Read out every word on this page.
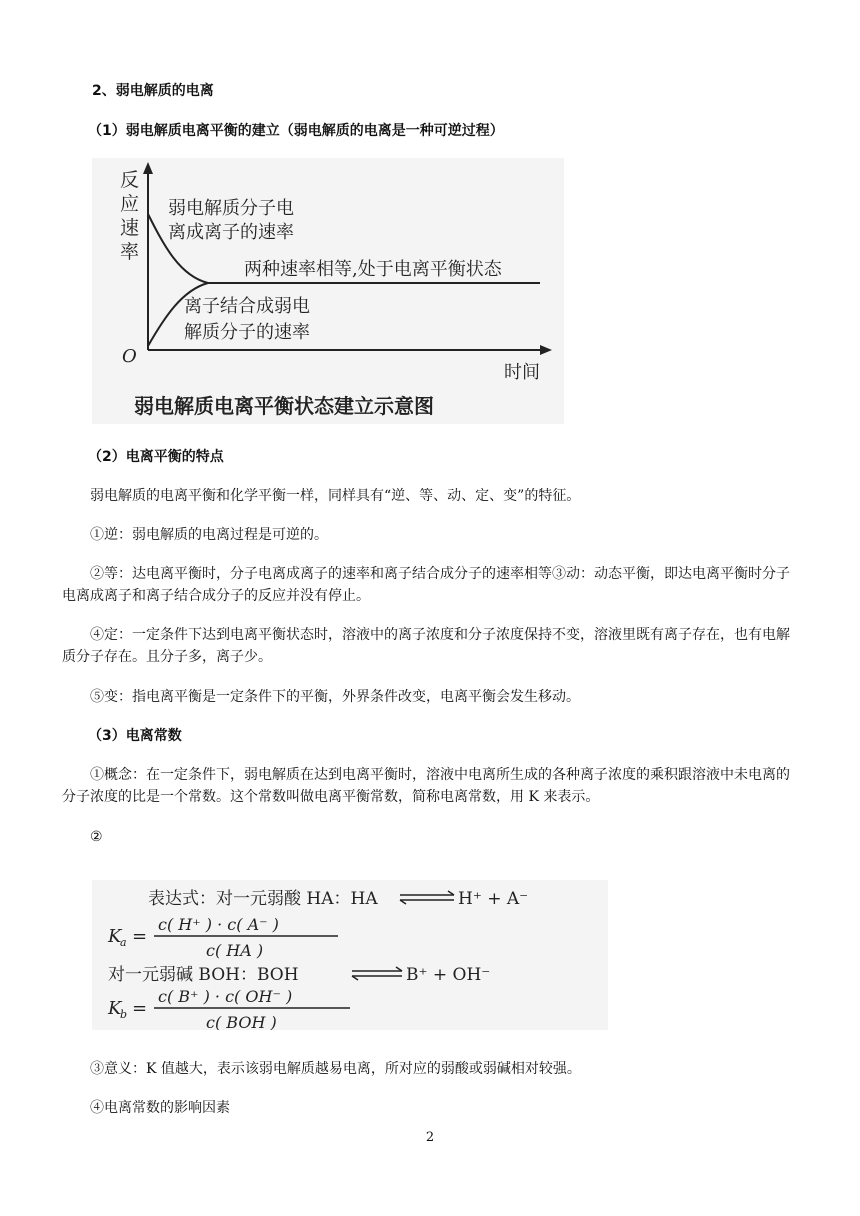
2、弱电解质的电离
（1）弱电解质电离平衡的建立（弱电解质的电离是一种可逆过程）
反
应
速
率
O
时间
弱电解质分子电
离成离子的速率
两种速率相等,处于电离平衡状态
离子结合成弱电
解质分子的速率
弱电解质电离平衡状态建立示意图
（2）电离平衡的特点
弱电解质的电离平衡和化学平衡一样，同样具有“逆、等、动、定、变”的特征。
①逆：弱电解质的电离过程是可逆的。
②等：达电离平衡时，分子电离成离子的速率和离子结合成分子的速率相等③动：动态平衡，即达电离平衡时分子电离成离子和离子结合成分子的反应并没有停止。
④定：一定条件下达到电离平衡状态时，溶液中的离子浓度和分子浓度保持不变，溶液里既有离子存在，也有电解质分子存在。且分子多，离子少。
⑤变：指电离平衡是一定条件下的平衡，外界条件改变，电离平衡会发生移动。
（3）电离常数
①概念：在一定条件下，弱电解质在达到电离平衡时，溶液中电离所生成的各种离子浓度的乘积跟溶液中未电离的分子浓度的比是一个常数。这个常数叫做电离平衡常数，简称电离常数，用 K 来表示。
②
表达式：对一元弱酸 HA：HA	H⁺ + A⁻
K
a =
c( H⁺ ) · c( A⁻ )
c( HA )
对一元弱碱 BOH：BOH	B⁺ + OH⁻
K
b =
c( B⁺ ) · c( OH⁻ )
c( BOH )
③意义：K 值越大，表示该弱电解质越易电离，所对应的弱酸或弱碱相对较强。
④电离常数的影响因素
2
